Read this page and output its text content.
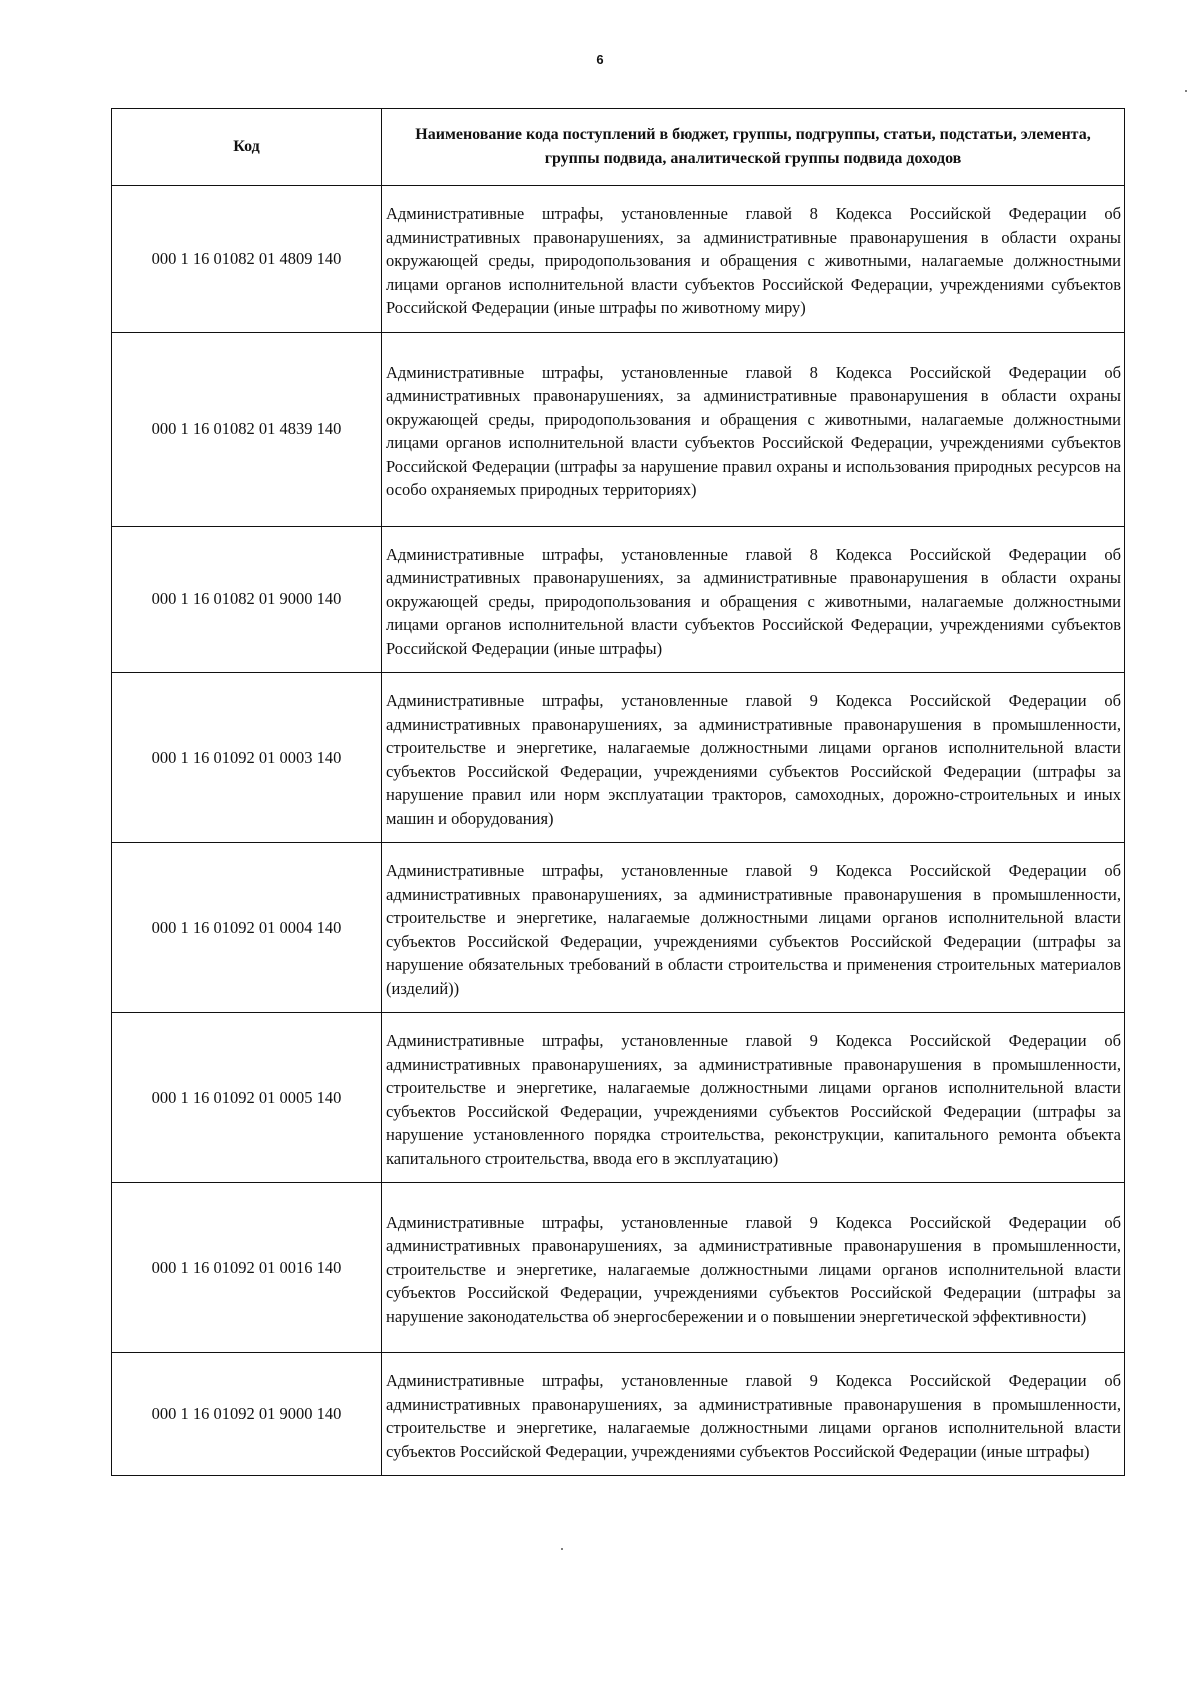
6
Код	Наименование кода поступлений в бюджет, группы, подгруппы, статьи, подстатьи, элемента, группы подвида, аналитической группы подвида доходов
000 1 16 01082 01 4809 140	Административные штрафы, установленные главой 8 Кодекса Российской Федерации об административных правонарушениях, за административные правонарушения в области охраны окружающей среды, природопользования и обращения с животными, налагаемые должностными лицами органов исполнительной власти субъектов Российской Федерации, учреждениями субъектов Российской Федерации (иные штрафы по животному миру)
000 1 16 01082 01 4839 140	Административные штрафы, установленные главой 8 Кодекса Российской Федерации об административных правонарушениях, за административные правонарушения в области охраны окружающей среды, природопользования и обращения с животными, налагаемые должностными лицами органов исполнительной власти субъектов Российской Федерации, учреждениями субъектов Российской Федерации (штрафы за нарушение правил охраны и использования природных ресурсов на особо охраняемых природных территориях)
000 1 16 01082 01 9000 140	Административные штрафы, установленные главой 8 Кодекса Российской Федерации об административных правонарушениях, за административные правонарушения в области охраны окружающей среды, природопользования и обращения с животными, налагаемые должностными лицами органов исполнительной власти субъектов Российской Федерации, учреждениями субъектов Российской Федерации (иные штрафы)
000 1 16 01092 01 0003 140	Административные штрафы, установленные главой 9 Кодекса Российской Федерации об административных правонарушениях, за административные правонарушения в промышленности, строительстве и энергетике, налагаемые должностными лицами органов исполнительной власти субъектов Российской Федерации, учреждениями субъектов Российской Федерации (штрафы за нарушение правил или норм эксплуатации тракторов, самоходных, дорожно-строительных и иных машин и оборудования)
000 1 16 01092 01 0004 140	Административные штрафы, установленные главой 9 Кодекса Российской Федерации об административных правонарушениях, за административные правонарушения в промышленности, строительстве и энергетике, налагаемые должностными лицами органов исполнительной власти субъектов Российской Федерации, учреждениями субъектов Российской Федерации (штрафы за нарушение обязательных требований в области строительства и применения строительных материалов (изделий))
000 1 16 01092 01 0005 140	Административные штрафы, установленные главой 9 Кодекса Российской Федерации об административных правонарушениях, за административные правонарушения в промышленности, строительстве и энергетике, налагаемые должностными лицами органов исполнительной власти субъектов Российской Федерации, учреждениями субъектов Российской Федерации (штрафы за нарушение установленного порядка строительства, реконструкции, капитального ремонта объекта капитального строительства, ввода его в эксплуатацию)
000 1 16 01092 01 0016 140	Административные штрафы, установленные главой 9 Кодекса Российской Федерации об административных правонарушениях, за административные правонарушения в промышленности, строительстве и энергетике, налагаемые должностными лицами органов исполнительной власти субъектов Российской Федерации, учреждениями субъектов Российской Федерации (штрафы за нарушение законодательства об энергосбережении и о повышении энергетической эффективности)
000 1 16 01092 01 9000 140	Административные штрафы, установленные главой 9 Кодекса Российской Федерации об административных правонарушениях, за административные правонарушения в промышленности, строительстве и энергетике, налагаемые должностными лицами органов исполнительной власти субъектов Российской Федерации, учреждениями субъектов Российской Федерации (иные штрафы)
